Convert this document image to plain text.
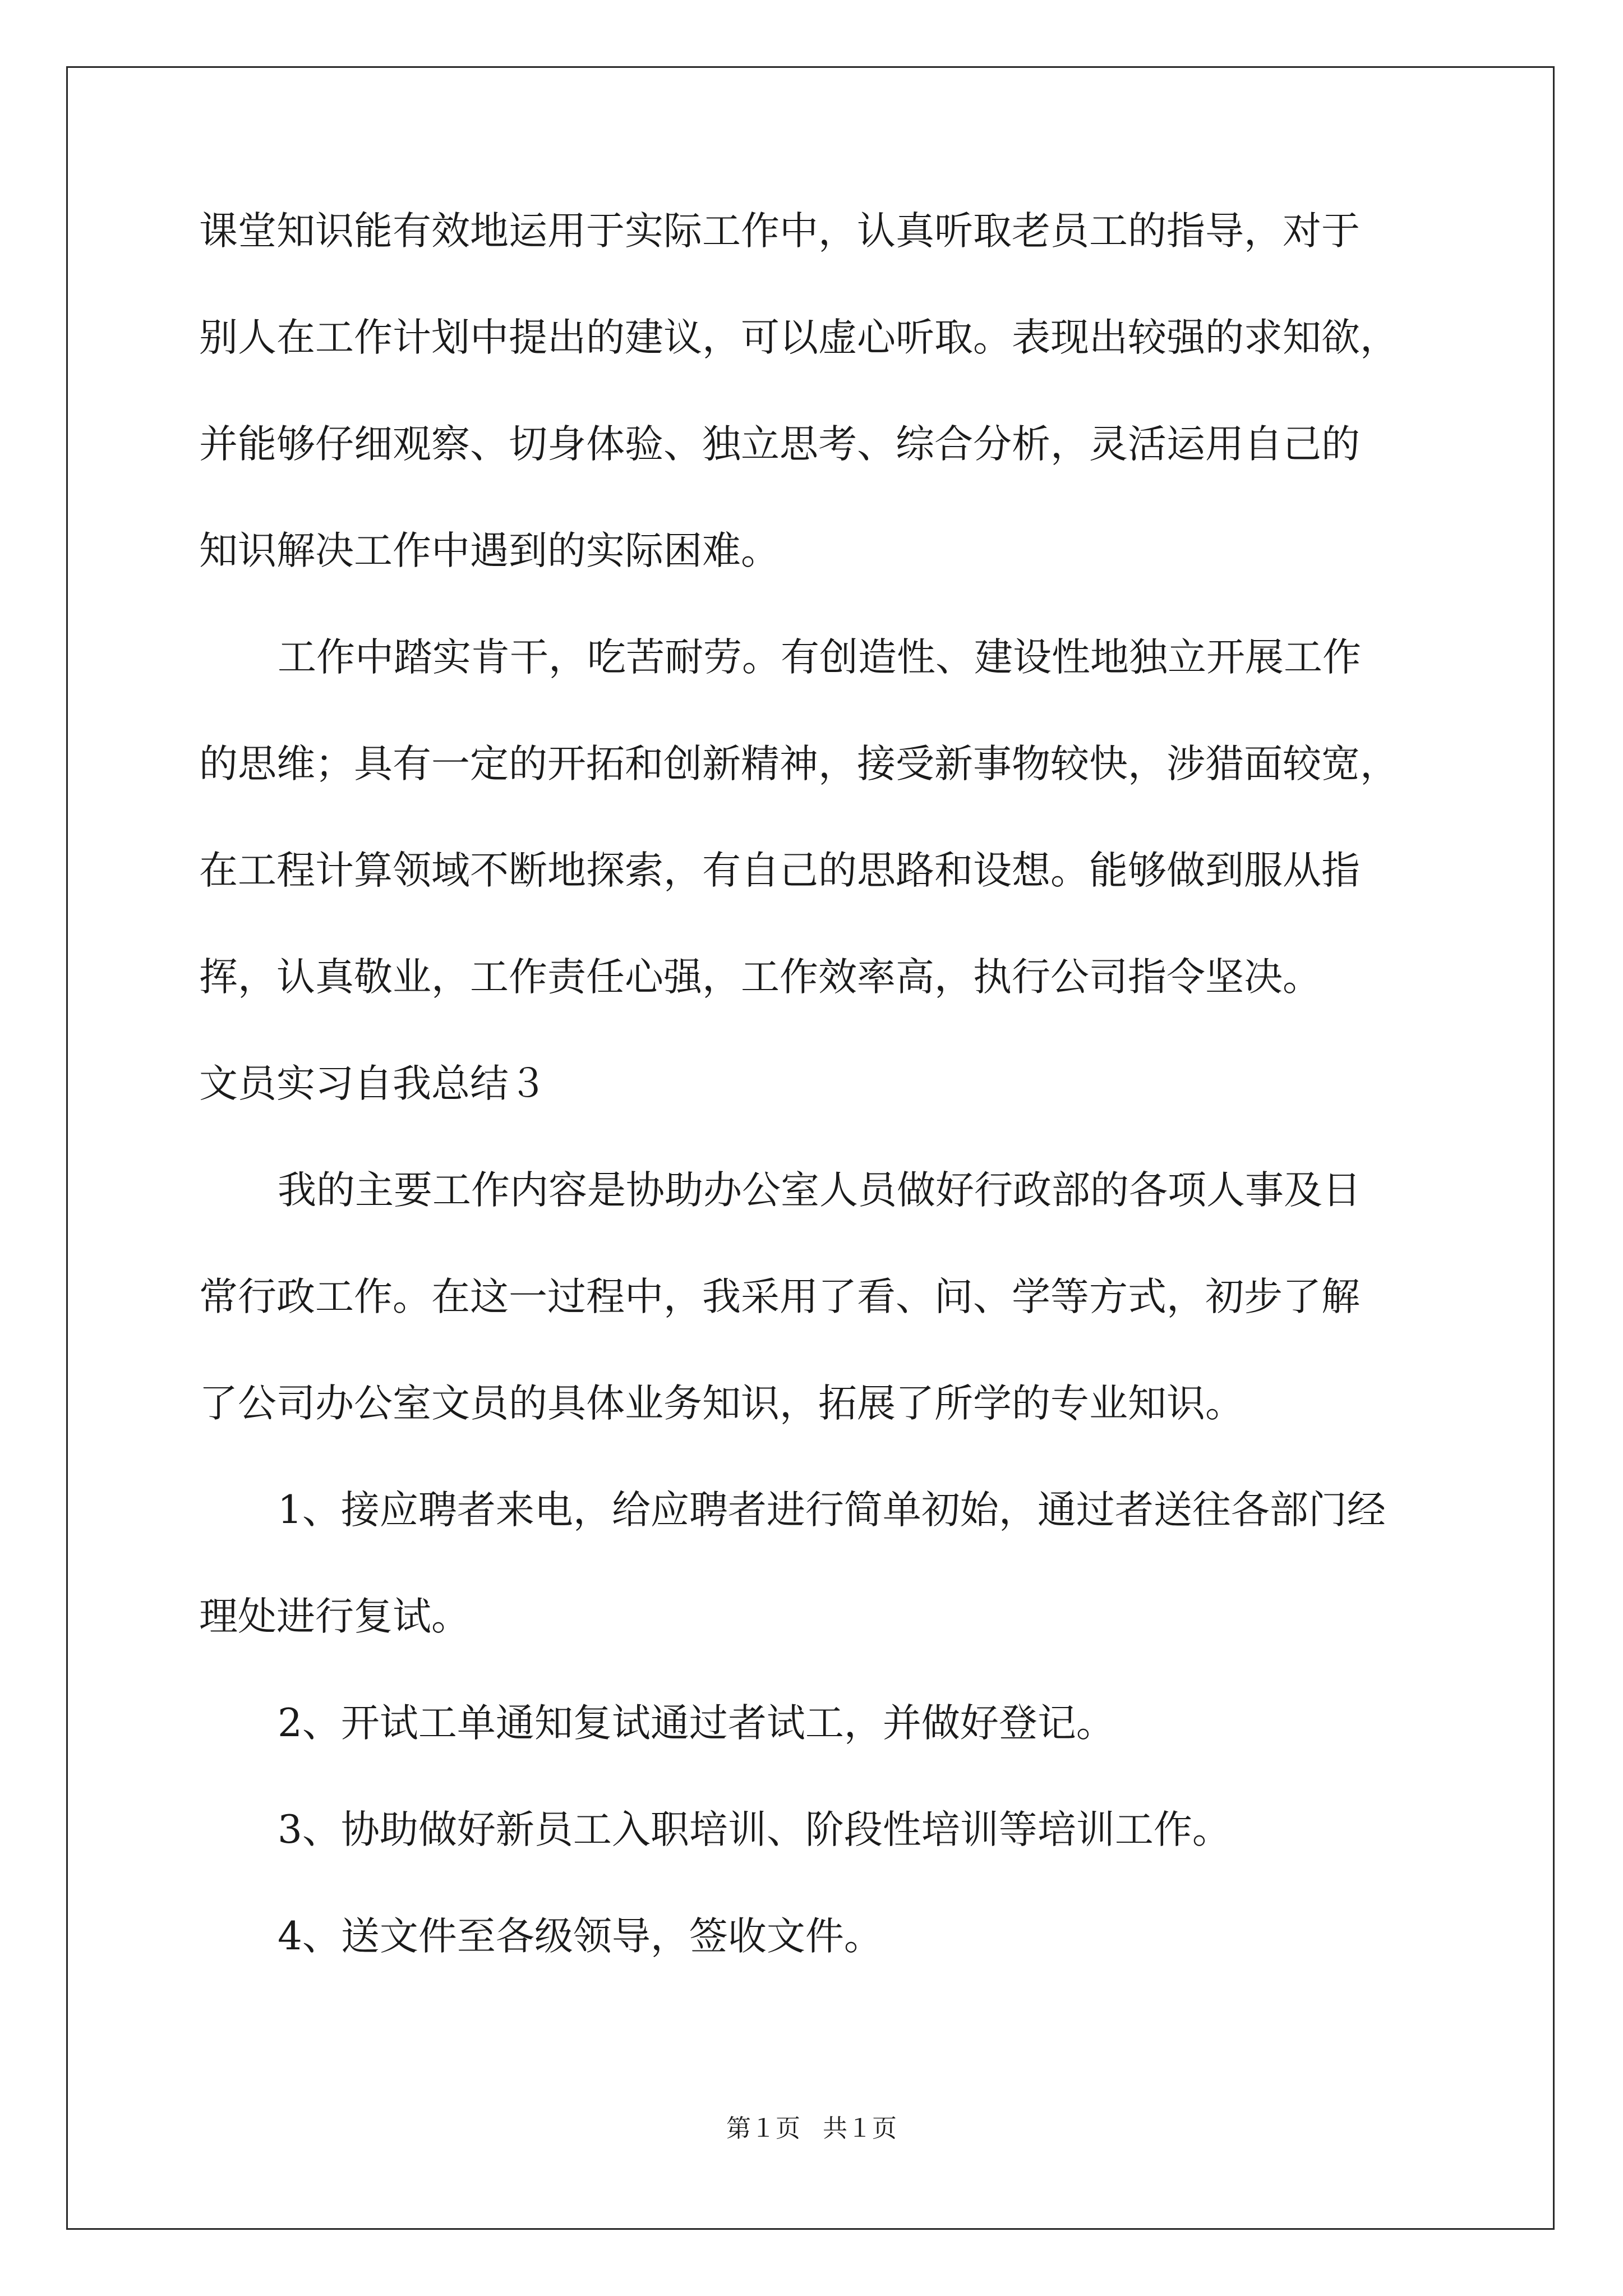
课堂知识能有效地运用于实际工作中，认真听取老员工的指导，对于

别人在工作计划中提出的建议，可以虚心听取。表现出较强的求知欲，

并能够仔细观察、切身体验、独立思考、综合分析，灵活运用自己的

知识解决工作中遇到的实际困难。

工作中踏实肯干，吃苦耐劳。有创造性、建设性地独立开展工作

的思维；具有一定的开拓和创新精神，接受新事物较快，涉猎面较宽，

在工程计算领域不断地探索，有自己的思路和设想。能够做到服从指

挥，认真敬业，工作责任心强，工作效率高，执行公司指令坚决。

文员实习自我总结３

我的主要工作内容是协助办公室人员做好行政部的各项人事及日

常行政工作。在这一过程中，我采用了看、问、学等方式，初步了解

了公司办公室文员的具体业务知识，拓展了所学的专业知识。

1、接应聘者来电，给应聘者进行简单初始，通过者送往各部门经

理处进行复试。

2、开试工单通知复试通过者试工，并做好登记。

3、协助做好新员工入职培训、阶段性培训等培训工作。

4、送文件至各级领导，签收文件。

第１页 共１页
